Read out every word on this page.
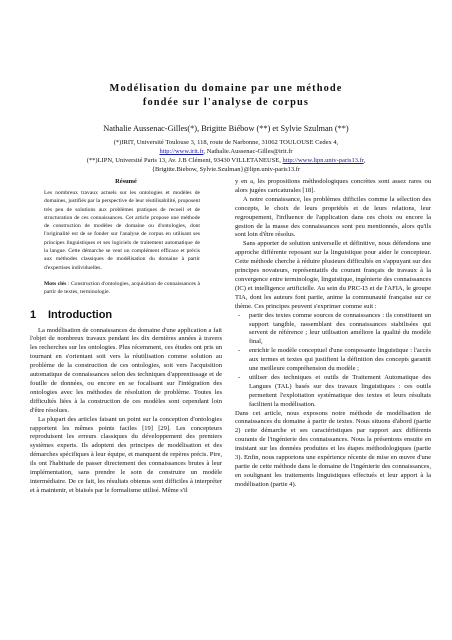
Modélisation du domaine par une méthode
fondée sur l'analyse de corpus
Nathalie Aussenac-Gilles(*), Brigitte Biébow (**) et Sylvie Szulman (**)
(*)IRIT, Université Toulouse 3, 118, route de Narbonne, 31062 TOULOUSE Cedex 4,
http://www.irit.fr, Nathalie.Aussenac-Gilles@irit.fr
(**)LIPN, Université Paris 13, Av. J.B Clément, 93430 VILLETANEUSE, http://www.lipn.univ-paris13.fr,
{Brigitte.Biebow, Sylvie.Szulman}@lipn.univ-paris13.fr
Résumé

Les nombreux travaux actuels sur les ontologies et modèles de domaines, justifiés par la perspective de leur réutilisabilité, proposent très peu de solutions aux problèmes pratiques de recueil et de structuration de ces connaissances. Cet article propose une méthode de construction de modèles de domaine ou d'ontologies, dont l'originalité est de se fonder sur l'analyse de corpus en utilisant ses principes linguistiques et ses logiciels de traitement automatique de la langue. Cette démarche se veut un complément efficace et précis aux méthodes classiques de modélisation du domaine à partir d'expertises individuelles.

Mots clés : Construction d'ontologies, acquisition de connaissances à partir de textes, terminologie.

1 Introduction

La modélisation de connaissances du domaine d'une application a fait l'objet de nombreux travaux pendant les dix dernières années à travers les recherches sur les ontologies. Plus récemment, ces études ont pris un tournant en s'orientant soit vers la réutilisation comme solution au problème de la construction de ces ontologies, soit vers l'acquisition automatique de connaissances selon des techniques d'apprentissage et de fouille de données, ou encore en se focalisant sur l'intégration des ontologies avec les méthodes de résolution de problème. Toutes les difficultés liées à la construction de ces modèles sont cependant loin d'être résolues.

La plupart des articles faisant un point sur la conception d'ontologies rapportent les mêmes points faciles [19] [29]. Les concepteurs reproduisent les erreurs classiques du développement des premiers systèmes experts. Ils adoptent des principes de modélisation et des démarches spécifiques à leur équipe, et manquent de repères précis. Pire, ils ont l'habitude de passer directement des connaissances brutes à leur implémentation, sans prendre le soin de construire un modèle intermédiaire. De ce fait, les résultats obtenus sont difficiles à interpréter et à maintenir, et biaisés par le formalisme utilisé. Même s'il

y en a, les propositions méthodologiques concrètes sont assez rares ou alors jugées caricaturales [18].

A notre connaissance, les problèmes difficiles comme la sélection des concepts, le choix de leurs propriétés et de leurs relations, leur regroupement, l'influence de l'application dans ces choix ou encore la gestion de la masse des connaissances sont peu mentionnés, alors qu'ils sont loin d'être résolus.

Sans apporter de solution universelle et définitive, nous défendons une approche différente reposant sur la linguistique pour aider le concepteur. Cette méthode cherche à réduire plusieurs difficultés en s'appuyant sur des principes novateurs, représentatifs du courant français de travaux à la convergence entre terminologie, linguistique, ingénierie des connaissances (IC) et intelligence artificielle. Au sein du PRC-I3 et de l'AFIA, le groupe TIA, dont les auteurs font partie, anime la communauté française sur ce thème. Ces principes peuvent s'exprimer comme suit :

- partir des textes comme sources de connaissances : ils constituent un support tangible, rassemblant des connaissances stabilisées qui servent de référence ; leur utilisation améliore la qualité du modèle final,

- enrichir le modèle conceptuel d'une composante linguistique : l'accès aux termes et textes qui justifient la définition des concepts garantit une meilleure compréhension du modèle ;

- utiliser des techniques et outils de Traitement Automatique des Langues (TAL) basés sur des travaux linguistiques : ces outils permettent l'exploitation systématique des textes et leurs résultats facilitent la modélisation.

Dans cet article, nous exposons notre méthode de modélisation de connaissances du domaine à partir de textes. Nous situons d'abord (partie 2) cette démarche et ses caractéristiques par rapport aux différents courants de l'ingénierie des connaissances. Nous la présentons ensuite en insistant sur les données produites et les étapes méthodologiques (partie 3). Enfin, nous rapportons une expérience récente de mise en œuvre d'une partie de cette méthode dans le domaine de l'ingénierie des connaissances, en soulignant les traitements linguistiques effectués et leur apport à la modélisation (partie 4).
